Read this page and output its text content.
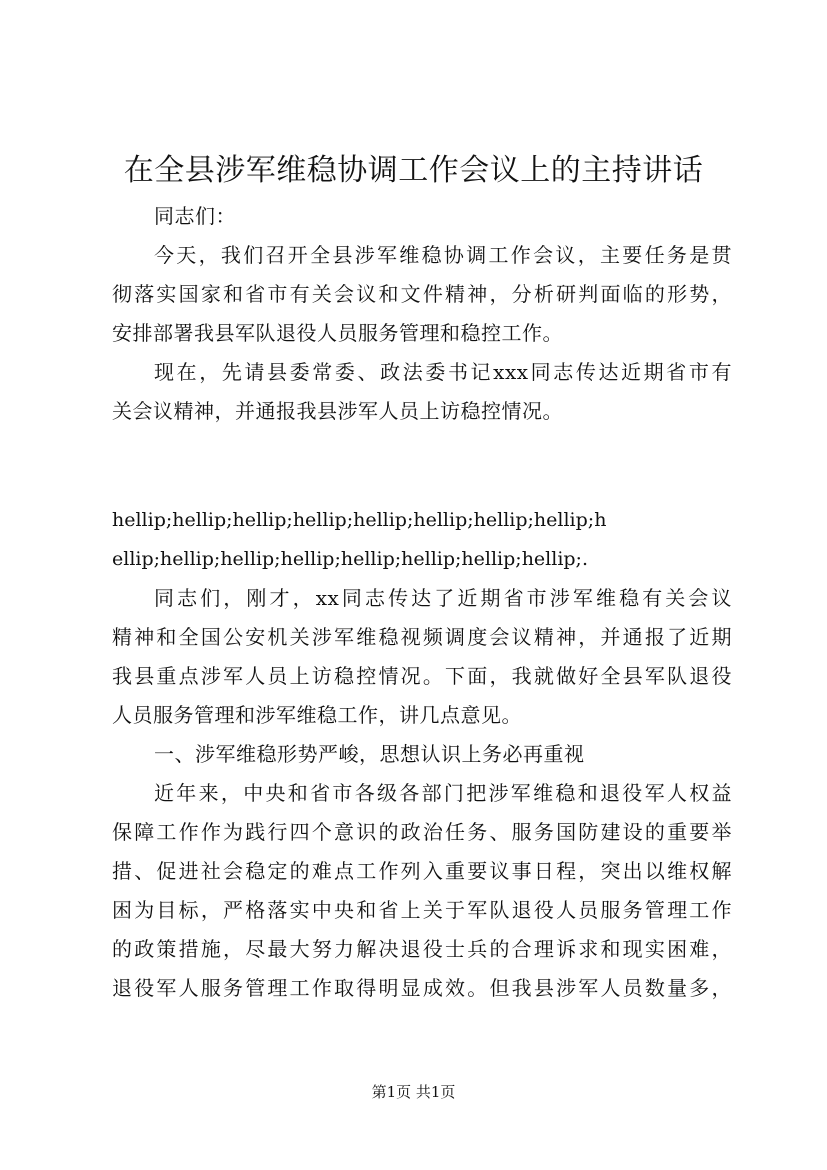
在全县涉军维稳协调工作会议上的主持讲话
同志们：
今天，我们召开全县涉军维稳协调工作会议，主要任务是贯
彻落实国家和省市有关会议和文件精神，分析研判面临的形势，
安排部署我县军队退役人员服务管理和稳控工作。
现在，先请县委常委、政法委书记xxx同志传达近期省市有
关会议精神，并通报我县涉军人员上访稳控情况。
hellip;hellip;hellip;hellip;hellip;hellip;hellip;hellip;h
ellip;hellip;hellip;hellip;hellip;hellip;hellip;hellip;.
同志们，刚才，xx同志传达了近期省市涉军维稳有关会议
精神和全国公安机关涉军维稳视频调度会议精神，并通报了近期
我县重点涉军人员上访稳控情况。下面，我就做好全县军队退役
人员服务管理和涉军维稳工作，讲几点意见。
一、涉军维稳形势严峻，思想认识上务必再重视
近年来，中央和省市各级各部门把涉军维稳和退役军人权益
保障工作作为践行四个意识的政治任务、服务国防建设的重要举
措、促进社会稳定的难点工作列入重要议事日程，突出以维权解
困为目标，严格落实中央和省上关于军队退役人员服务管理工作
的政策措施，尽最大努力解决退役士兵的合理诉求和现实困难，
退役军人服务管理工作取得明显成效。但我县涉军人员数量多，
第1页 共1页
